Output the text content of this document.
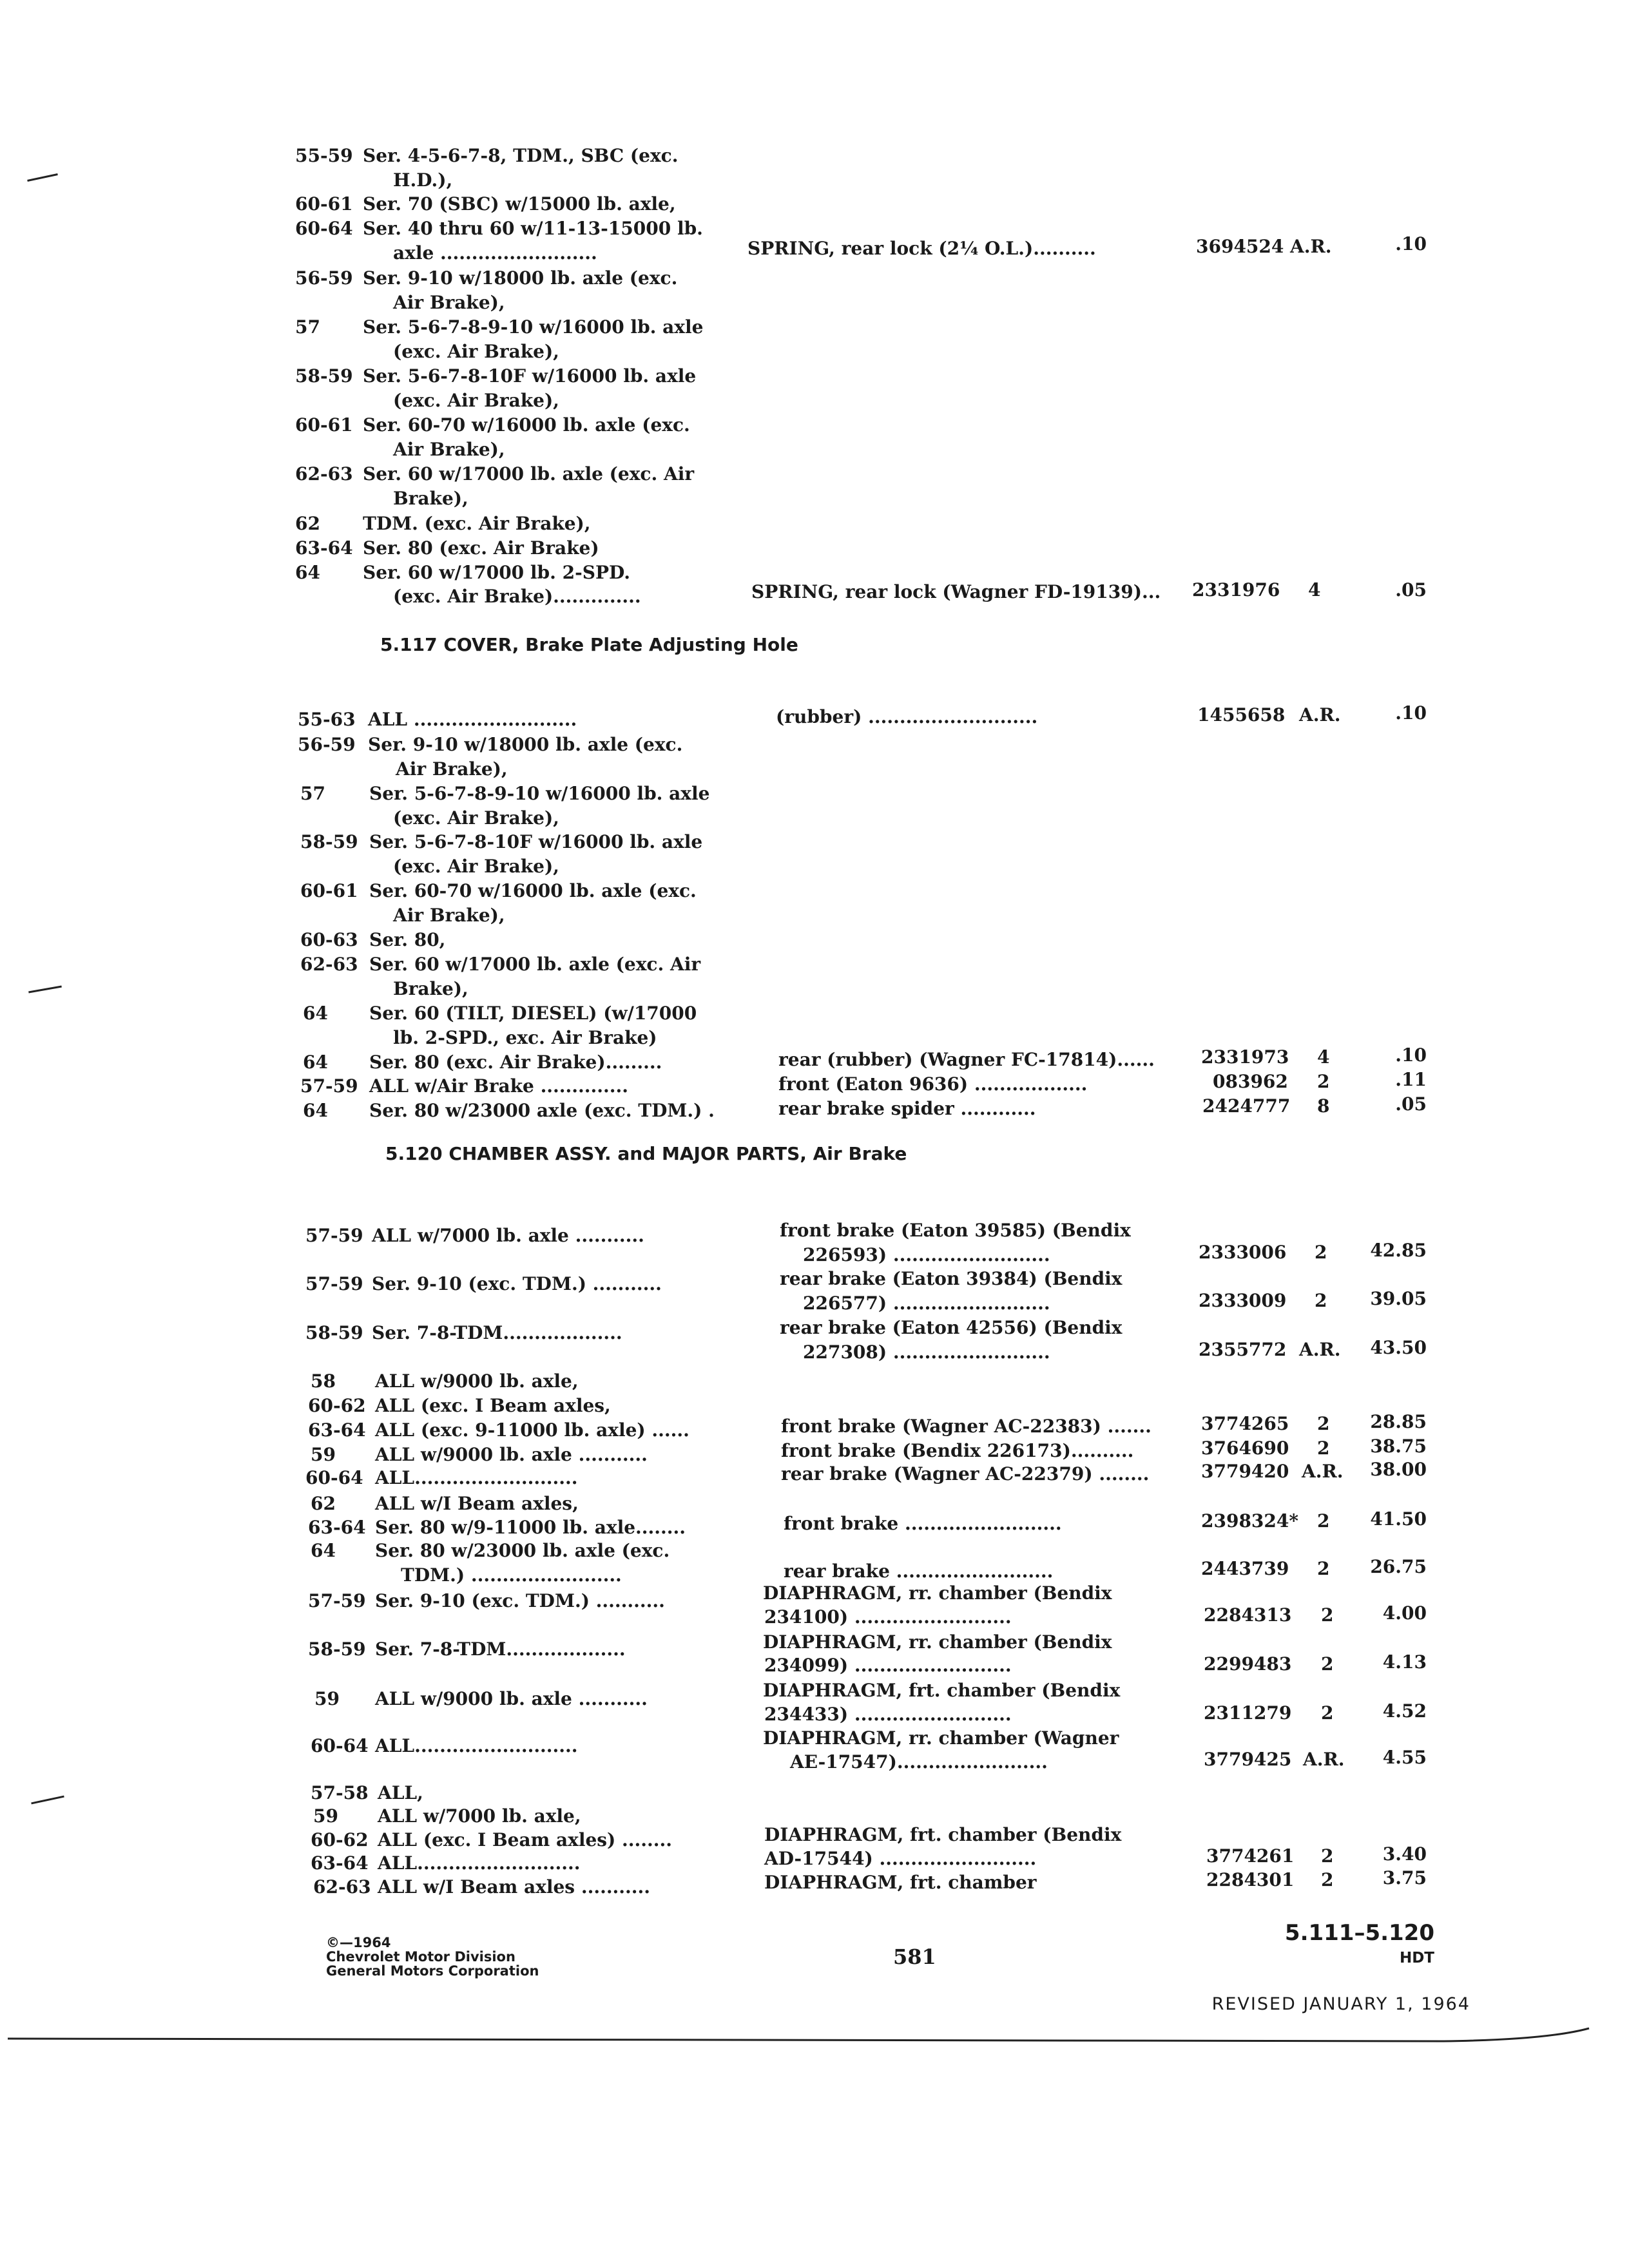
55-59 Ser. 4-5-6-7-8, TDM., SBC (exc.
H.D.),
60-61 Ser. 70 (SBC) w/15000 lb. axle,
60-64 Ser. 40 thru 60 w/11-13-15000 lb.
axle .........................	SPRING, rear lock (2¼ O.L.)..........	3694524 A.R.	.10
56-59 Ser. 9-10 w/18000 lb. axle (exc.
Air Brake),
57 Ser. 5-6-7-8-9-10 w/16000 lb. axle
(exc. Air Brake),
58-59 Ser. 5-6-7-8-10F w/16000 lb. axle
(exc. Air Brake),
60-61 Ser. 60-70 w/16000 lb. axle (exc.
Air Brake),
62-63 Ser. 60 w/17000 lb. axle (exc. Air
Brake),
62 TDM. (exc. Air Brake),
63-64 Ser. 80 (exc. Air Brake)
64 Ser. 60 w/17000 lb. 2-SPD.
(exc. Air Brake)..............	SPRING, rear lock (Wagner FD-19139)... 2331976 4	.05
5.117 COVER, Brake Plate Adjusting Hole
55-63 ALL ..........................	(rubber) ...........................	1455658 A.R.	.10
56-59 Ser. 9-10 w/18000 lb. axle (exc.
Air Brake),
57 Ser. 5-6-7-8-9-10 w/16000 lb. axle
(exc. Air Brake),
58-59 Ser. 5-6-7-8-10F w/16000 lb. axle
(exc. Air Brake),
60-61 Ser. 60-70 w/16000 lb. axle (exc.
Air Brake),
60-63 Ser. 80,
62-63 Ser. 60 w/17000 lb. axle (exc. Air
Brake),
64 Ser. 60 (TILT, DIESEL) (w/17000
lb. 2-SPD., exc. Air Brake)
64 Ser. 80 (exc. Air Brake).........	rear (rubber) (Wagner FC-17814)......	2331973 4	.10
57-59 ALL w/Air Brake ..............	front (Eaton 9636) ..................	083962 2	.11
64 Ser. 80 w/23000 axle (exc. TDM.) .	rear brake spider ............	2424777 8	.05
5.120 CHAMBER ASSY. and MAJOR PARTS, Air Brake
57-59 ALL w/7000 lb. axle ...........	front brake (Eaton 39585) (Bendix
226593) .........................	2333006 2 42.85
57-59 Ser. 9-10 (exc. TDM.) ...........	rear brake (Eaton 39384) (Bendix
226577) .........................	2333009 2 39.05
58-59 Ser. 7-8-TDM...................	rear brake (Eaton 42556) (Bendix
227308) .........................	2355772 A.R. 43.50
58 ALL w/9000 lb. axle,
60-62 ALL (exc. I Beam axles,
63-64 ALL (exc. 9-11000 lb. axle) ......	front brake (Wagner AC-22383) .......	3774265 2 28.85
59 ALL w/9000 lb. axle ...........	front brake (Bendix 226173)..........	3764690 2 38.75
60-64 ALL..........................	rear brake (Wagner AC-22379) ........	3779420 A.R. 38.00
62 ALL w/I Beam axles,
63-64 Ser. 80 w/9-11000 lb. axle........	front brake .........................	2398324* 2 41.50
64 Ser. 80 w/23000 lb. axle (exc.
TDM.) ........................	rear brake .........................	2443739 2 26.75
57-59 Ser. 9-10 (exc. TDM.) ...........	DIAPHRAGM, rr. chamber (Bendix
234100) .........................	2284313 2	4.00
58-59 Ser. 7-8-TDM...................	DIAPHRAGM, rr. chamber (Bendix
234099) .........................	2299483 2	4.13
59 ALL w/9000 lb. axle ...........	DIAPHRAGM, frt. chamber (Bendix
234433) .........................	2311279 2	4.52
60-64 ALL..........................	DIAPHRAGM, rr. chamber (Wagner
AE-17547)........................	3779425 A.R. 4.55
57-58 ALL,
59 ALL w/7000 lb. axle,
60-62 ALL (exc. I Beam axles) ........	DIAPHRAGM, frt. chamber (Bendix
63-64 ALL..........................	AD-17544) .........................	3774261 2	3.40
62-63 ALL w/I Beam axles ...........	DIAPHRAGM, frt. chamber	2284301 2	3.75
©—1964
Chevrolet Motor Division
General Motors Corporation
581
5.111–5.120
HDT
REVISED JANUARY 1, 1964
